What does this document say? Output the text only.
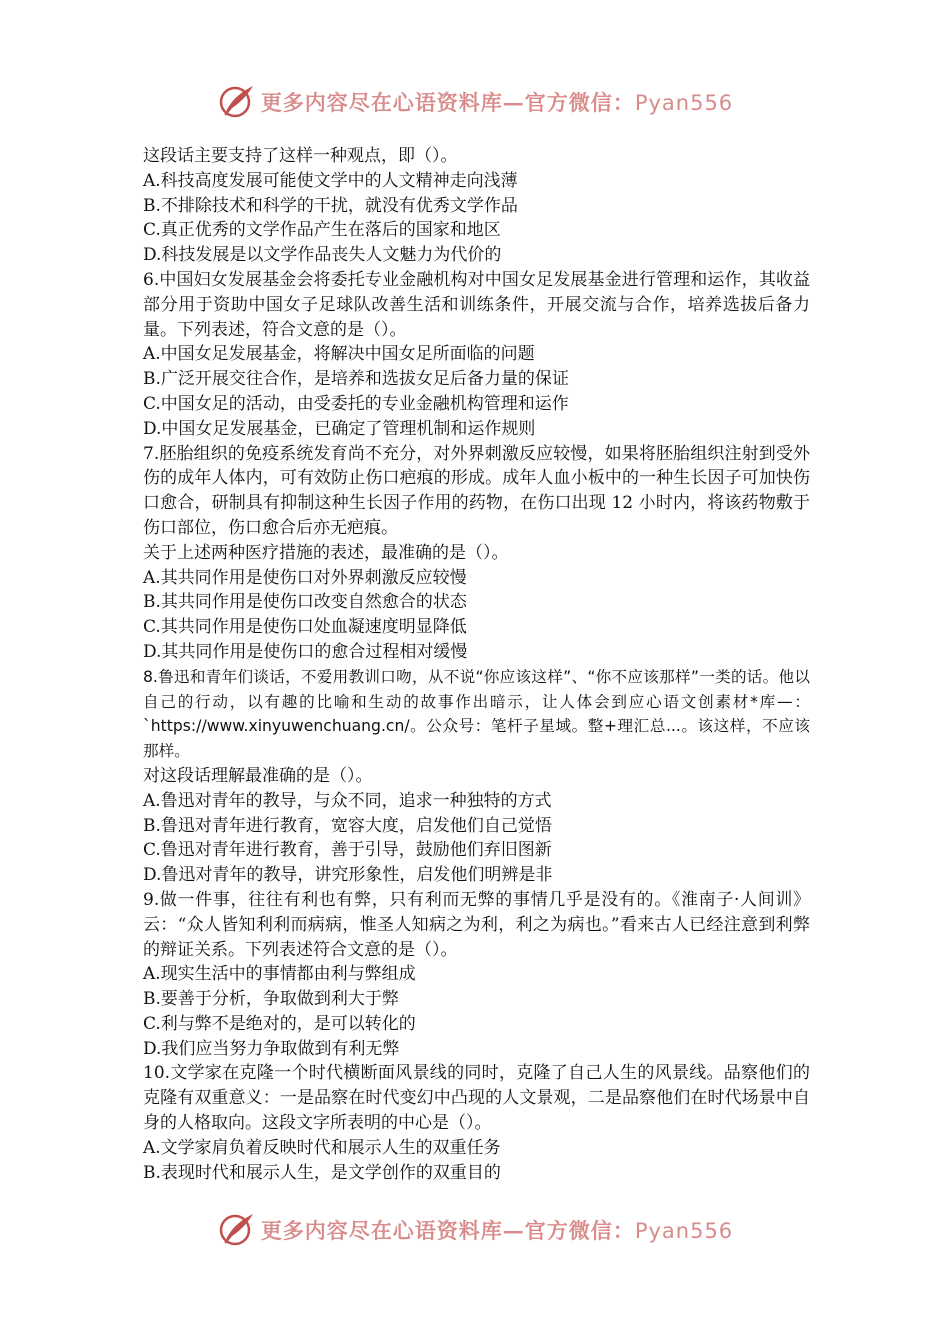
更多内容尽在心语资料库—官方微信：Pyan556

这段话主要支持了这样一种观点，即（）。

A.科技高度发展可能使文学中的人文精神走向浅薄

B.不排除技术和科学的干扰，就没有优秀文学作品

C.真正优秀的文学作品产生在落后的国家和地区

D.科技发展是以文学作品丧失人文魅力为代价的

6.中国妇女发展基金会将委托专业金融机构对中国女足发展基金进行管理和运作，其收益部分用于资助中国女子足球队改善生活和训练条件，开展交流与合作，培养选拔后备力量。下列表述，符合文意的是（）。

A.中国女足发展基金，将解决中国女足所面临的问题

B.广泛开展交往合作，是培养和选拔女足后备力量的保证

C.中国女足的活动，由受委托的专业金融机构管理和运作

D.中国女足发展基金，已确定了管理机制和运作规则

7.胚胎组织的免疫系统发育尚不充分，对外界刺激反应较慢，如果将胚胎组织注射到受外伤的成年人体内，可有效防止伤口疤痕的形成。成年人血小板中的一种生长因子可加快伤口愈合，研制具有抑制这种生长因子作用的药物，在伤口出现 12 小时内，将该药物敷于伤口部位，伤口愈合后亦无疤痕。

关于上述两种医疗措施的表述，最准确的是（）。

A.其共同作用是使伤口对外界刺激反应较慢

B.其共同作用是使伤口改变自然愈合的状态

C.其共同作用是使伤口处血凝速度明显降低

D.其共同作用是使伤口的愈合过程相对缓慢

8.鲁迅和青年们谈话，不爱用教训口吻，从不说“你应该这样”、“你不应该那样”一类的话。他以自己的行动，以有趣的比喻和生动的故事作出暗示，让人体会到应心语文创素材*库—：`https://www.xinyuwenchuang.cn/。公众号：笔杆子星域。整+理汇总...。该这样，不应该那样。

对这段话理解最准确的是（）。

A.鲁迅对青年的教导，与众不同，追求一种独特的方式

B.鲁迅对青年进行教育，宽容大度，启发他们自己觉悟

C.鲁迅对青年进行教育，善于引导，鼓励他们弃旧图新

D.鲁迅对青年的教导，讲究形象性，启发他们明辨是非

9.做一件事，往往有利也有弊，只有利而无弊的事情几乎是没有的。《淮南子·人间训》云：“众人皆知利利而病病，惟圣人知病之为利，利之为病也。”看来古人已经注意到利弊的辩证关系。下列表述符合文意的是（）。

A.现实生活中的事情都由利与弊组成

B.要善于分析，争取做到利大于弊

C.利与弊不是绝对的，是可以转化的

D.我们应当努力争取做到有利无弊

10.文学家在克隆一个时代横断面风景线的同时，克隆了自己人生的风景线。品察他们的克隆有双重意义：一是品察在时代变幻中凸现的人文景观，二是品察他们在时代场景中自身的人格取向。这段文字所表明的中心是（）。

A.文学家肩负着反映时代和展示人生的双重任务

B.表现时代和展示人生，是文学创作的双重目的

更多内容尽在心语资料库—官方微信：Pyan556
